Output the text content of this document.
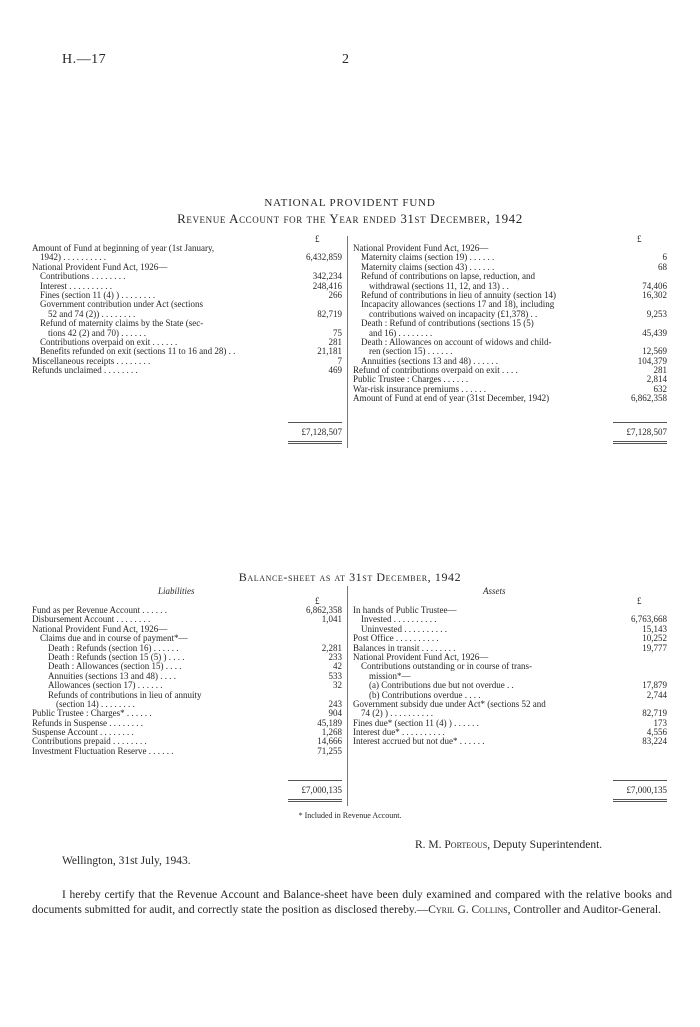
H.—17	2
NATIONAL PROVIDENT FUND
Revenue Account for the Year ended 31st December, 1942
£	£
Amount of Fund at beginning of year (1st January,
1942) . . . . . . . . . .	6,432,859
National Provident Fund Act, 1926—
Contributions . . . . . . . .	342,234
Interest . . . . . . . . . .	248,416
Fines (section 11 (4) ) . . . . . . . .	266
Government contribution under Act (sections
52 and 74 (2)) . . . . . . . .	82,719
Refund of maternity claims by the State (sec-
tions 42 (2) and 70) . . . . . .	75
Contributions overpaid on exit . . . . . .	281
Benefits refunded on exit (sections 11 to 16 and 28) . .	21,181
Miscellaneous receipts . . . . . . . .	7
Refunds unclaimed . . . . . . . .	469
National Provident Fund Act, 1926—
Maternity claims (section 19) . . . . . .	6
Maternity claims (section 43) . . . . . .	68
Refund of contributions on lapse, reduction, and
withdrawal (sections 11, 12, and 13) . .	74,406
Refund of contributions in lieu of annuity (section 14)	16,302
Incapacity allowances (sections 17 and 18), including
contributions waived on incapacity (£1,378) . .	9,253
Death : Refund of contributions (sections 15 (5)
and 16) . . . . . . . .	45,439
Death : Allowances on account of widows and child-
ren (section 15) . . . . . .	12,569
Annuities (sections 13 and 48) . . . . . .	104,379
Refund of contributions overpaid on exit . . . .	281
Public Trustee : Charges . . . . . .	2,814
War-risk insurance premiums . . . . . .	632
Amount of Fund at end of year (31st December, 1942)	6,862,358
£7,128,507	£7,128,507
Balance-sheet as at 31st December, 1942
Liabilities	Assets
£	£
Fund as per Revenue Account . . . . . .	6,862,358
Disbursement Account . . . . . . . .	1,041
National Provident Fund Act, 1926—
Claims due and in course of payment*—
Death : Refunds (section 16) . . . . . .	2,281
Death : Refunds (section 15 (5) ) . . . .	233
Death : Allowances (section 15) . . . .	42
Annuities (sections 13 and 48) . . . .	533
Allowances (section 17) . . . . . .	32
Refunds of contributions in lieu of annuity
(section 14) . . . . . . . .	243
Public Trustee : Charges* . . . . . .	904
Refunds in Suspense . . . . . . . .	45,189
Suspense Account . . . . . . . .	1,268
Contributions prepaid . . . . . . . .	14,666
Investment Fluctuation Reserve . . . . . .	71,255
In hands of Public Trustee—
Invested . . . . . . . . . .	6,763,668
Uninvested . . . . . . . . . .	15,143
Post Office . . . . . . . . . .	10,252
Balances in transit . . . . . . . .	19,777
National Provident Fund Act, 1926—
Contributions outstanding or in course of trans-
mission*—
(a) Contributions due but not overdue . .	17,879
(b) Contributions overdue . . . .	2,744
Government subsidy due under Act* (sections 52 and
74 (2) ) . . . . . . . . . .	82,719
Fines due* (section 11 (4) ) . . . . . .	173
Interest due* . . . . . . . . . .	4,556
Interest accrued but not due* . . . . . .	83,224
£7,000,135	£7,000,135
* Included in Revenue Account.
R. M. Porteous, Deputy Superintendent.
Wellington, 31st July, 1943.
I hereby certify that the Revenue Account and Balance-sheet have been duly examined and compared with the relative books and documents submitted for audit, and correctly state the position as disclosed thereby.—Cyril G. Collins, Controller and Auditor-General.
